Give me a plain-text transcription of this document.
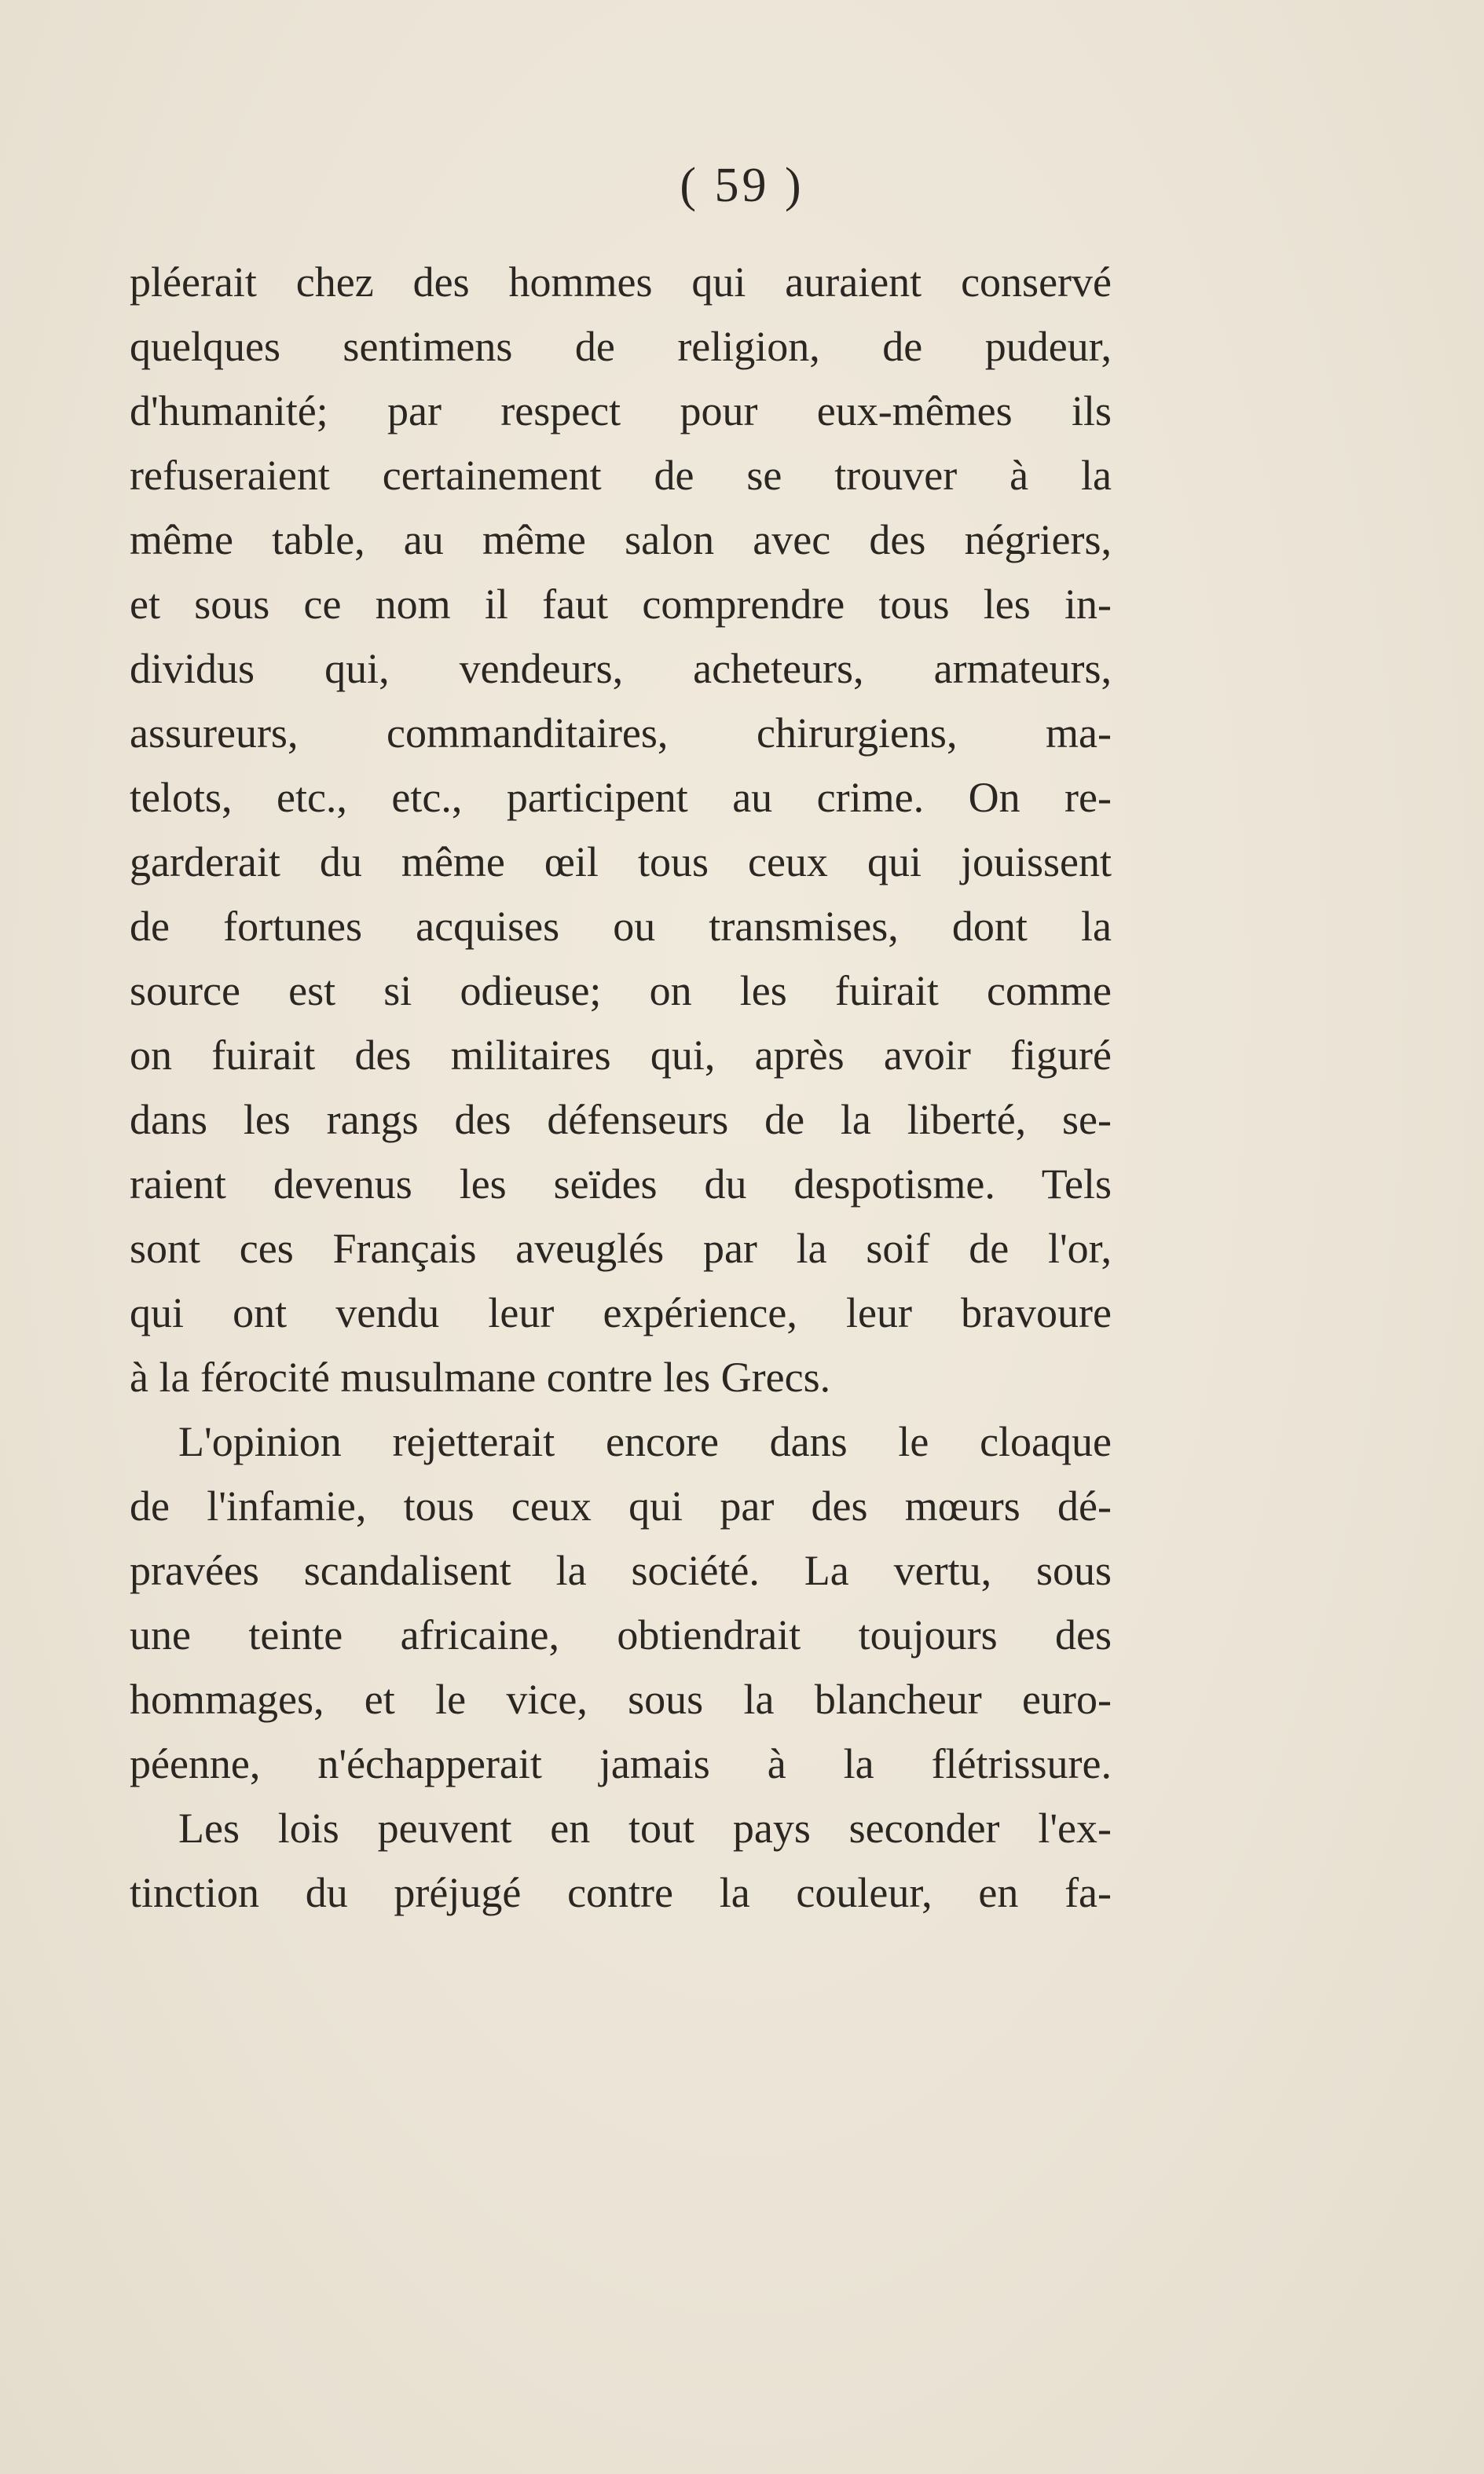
( 59 )
pléerait chez des hommes qui auraient conservé
quelques sentimens de religion, de pudeur,
d'humanité; par respect pour eux-mêmes ils
refuseraient certainement de se trouver à la
même table, au même salon avec des négriers,
et sous ce nom il faut comprendre tous les in-
dividus qui, vendeurs, acheteurs, armateurs,
assureurs, commanditaires, chirurgiens, ma-
telots, etc., etc., participent au crime. On re-
garderait du même œil tous ceux qui jouissent
de fortunes acquises ou transmises, dont la
source est si odieuse; on les fuirait comme
on fuirait des militaires qui, après avoir figuré
dans les rangs des défenseurs de la liberté, se-
raient devenus les seïdes du despotisme. Tels
sont ces Français aveuglés par la soif de l'or,
qui ont vendu leur expérience, leur bravoure
à la férocité musulmane contre les Grecs.
L'opinion rejetterait encore dans le cloaque
de l'infamie, tous ceux qui par des mœurs dé-
pravées scandalisent la société. La vertu, sous
une teinte africaine, obtiendrait toujours des
hommages, et le vice, sous la blancheur euro-
péenne, n'échapperait jamais à la flétrissure.
Les lois peuvent en tout pays seconder l'ex-
tinction du préjugé contre la couleur, en fa-
